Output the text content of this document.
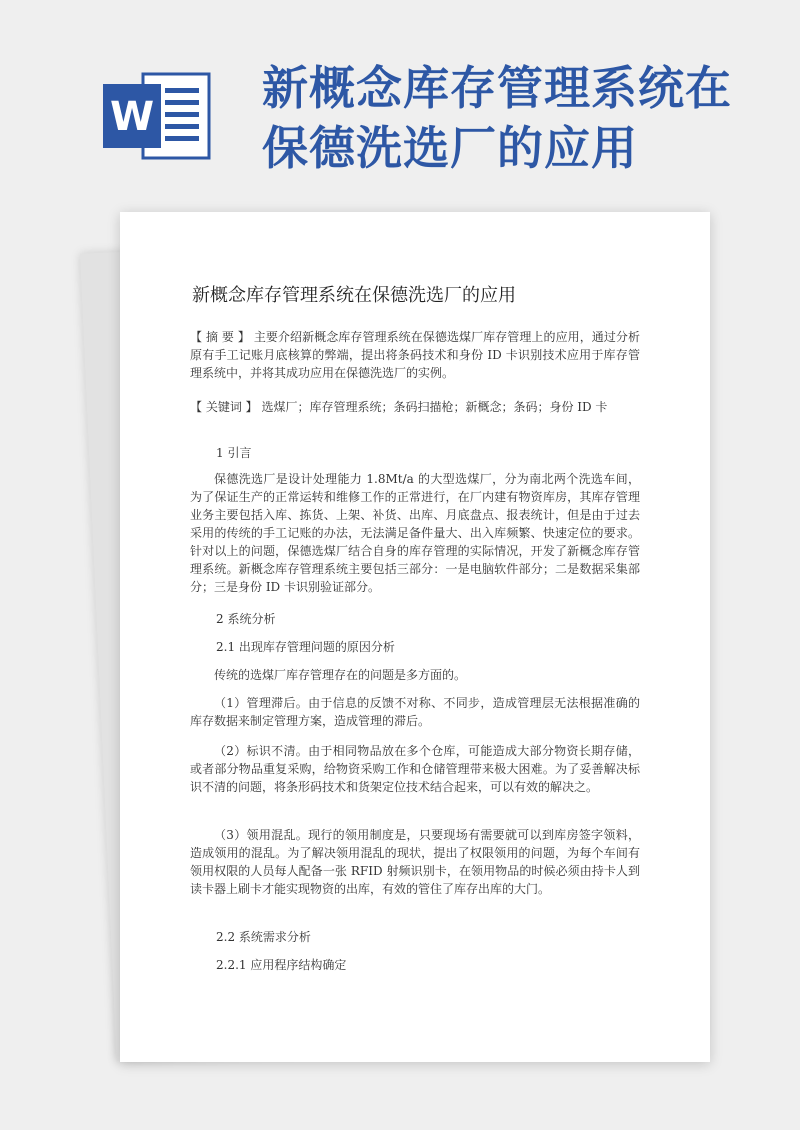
W
新概念库存管理系统在
保德洗选厂的应用
新概念库存管理系统在保德洗选厂的应用
【 摘 要 】 主要介绍新概念库存管理系统在保德选煤厂库存管理上的应用，通过分析原有手工记账月底核算的弊端，提出将条码技术和身份 ID 卡识别技术应用于库存管理系统中，并将其成功应用在保德洗选厂的实例。
【 关键词 】 选煤厂；库存管理系统；条码扫描枪；新概念；条码；身份 ID 卡
1 引言
保德洗选厂是设计处理能力 1.8Mt/a 的大型选煤厂，分为南北两个洗选车间，为了保证生产的正常运转和维修工作的正常进行，在厂内建有物资库房，其库存管理业务主要包括入库、拣货、上架、补货、出库、月底盘点、报表统计，但是由于过去采用的传统的手工记账的办法，无法满足备件量大、出入库频繁、快速定位的要求。针对以上的问题，保德选煤厂结合自身的库存管理的实际情况，开发了新概念库存管理系统。新概念库存管理系统主要包括三部分：一是电脑软件部分；二是数据采集部分；三是身份 ID 卡识别验证部分。
2 系统分析
2.1 出现库存管理问题的原因分析
传统的选煤厂库存管理存在的问题是多方面的。
（1）管理滞后。由于信息的反馈不对称、不同步，造成管理层无法根据准确的库存数据来制定管理方案，造成管理的滞后。
（2）标识不清。由于相同物品放在多个仓库，可能造成大部分物资长期存储，或者部分物品重复采购，给物资采购工作和仓储管理带来极大困难。为了妥善解决标识不清的问题，将条形码技术和货架定位技术结合起来，可以有效的解决之。
（3）领用混乱。现行的领用制度是，只要现场有需要就可以到库房签字领料，造成领用的混乱。为了解决领用混乱的现状，提出了权限领用的问题，为每个车间有领用权限的人员每人配备一张 RFID 射频识别卡，在领用物品的时候必须由持卡人到读卡器上刷卡才能实现物资的出库，有效的管住了库存出库的大门。
2.2 系统需求分析
2.2.1 应用程序结构确定
